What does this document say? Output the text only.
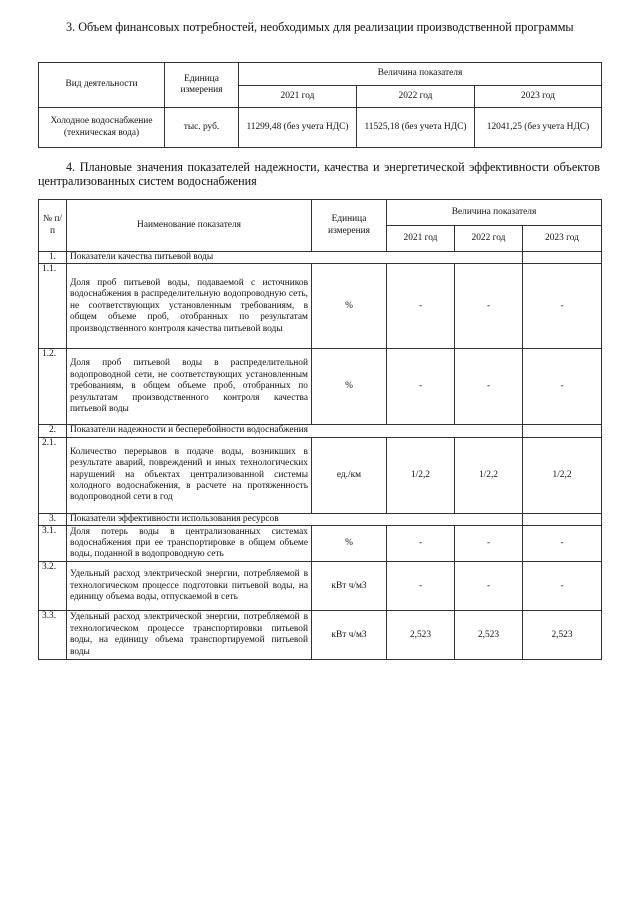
3. Объем финансовых потребностей, необходимых для реализации производственной программы

Вид деятельности	Единица измерения	Величина показателя		
		2021 год	2022 год	2023 год
Холодное водоснабжение (техническая вода)	тыс. руб.	11299,48 (без учета НДС)	11525,18 (без учета НДС)	12041,25 (без учета НДС)

4. Плановые значения показателей надежности, качества и энергетической эффективности объектов централизованных систем водоснабжения

№ п/п	Наименование показателя	Единица измерения	Величина показателя		
			2021 год	2022 год	2023 год
1.	Показатели качества питьевой воды				
1.1.	Доля проб питьевой воды, подаваемой с источников водоснабжения в распределительную водопроводную сеть, не соответствующих установленным требованиям, в общем объеме проб, отобранных по результатам производственного контроля качества питьевой воды	%	-	-	-
1.2.	Доля проб питьевой воды в распределительной водопроводной сети, не соответствующих установленным требованиям, в общем объеме проб, отобранных по результатам производственного контроля качества питьевой воды	%	-	-	-
2.	Показатели надежности и бесперебойности водоснабжения				
2.1.	Количество перерывов в подаче воды, возникших в результате аварий, повреждений и иных технологических нарушений на объектах централизованной системы холодного водоснабжения, в расчете на протяженность водопроводной сети в год	ед./км	1/2,2	1/2,2	1/2,2
3.	Показатели эффективности использования ресурсов				
3.1.	Доля потерь воды в централизованных системах водоснабжения при ее транспортировке в общем объеме воды, поданной в водопроводную сеть	%	-	-	-
3.2.	Удельный расход электрической энергии, потребляемой в технологическом процессе подготовки питьевой воды, на единицу объема воды, отпускаемой в сеть	кВт ч/м3	-	-	-
3.3.	Удельный расход электрической энергии, потребляемой в технологическом процессе транспортировки питьевой воды, на единицу объема транспортируемой питьевой воды	кВт ч/м3	2,523	2,523	2,523
